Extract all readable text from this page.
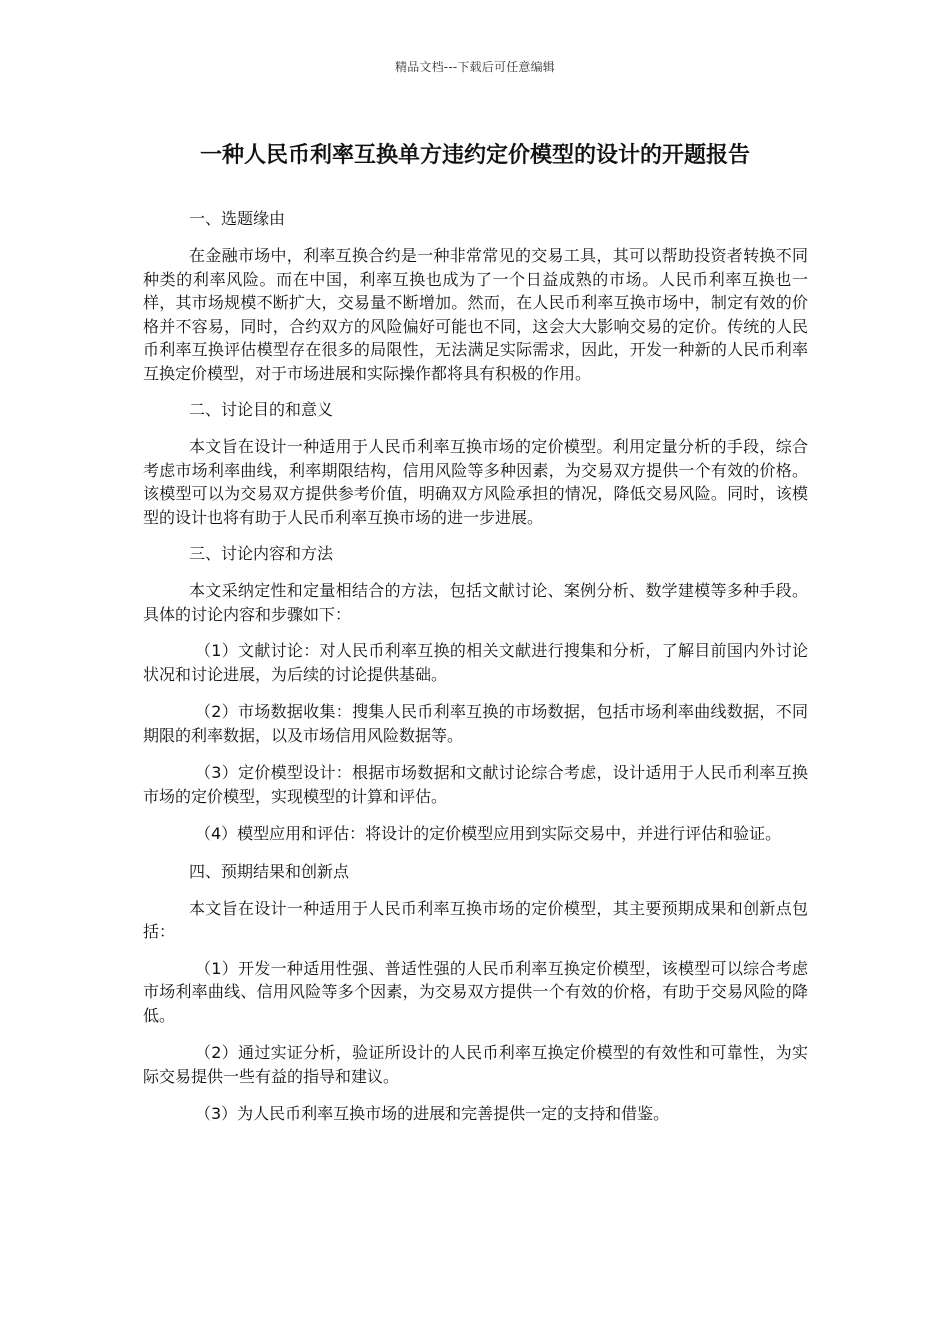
精品文档---下载后可任意编辑
一种人民币利率互换单方违约定价模型的设计的开题报告
一、选题缘由
在金融市场中，利率互换合约是一种非常常见的交易工具，其可以帮助投资者转换不同种类的利率风险。而在中国，利率互换也成为了一个日益成熟的市场。人民币利率互换也一样，其市场规模不断扩大，交易量不断增加。然而，在人民币利率互换市场中，制定有效的价格并不容易，同时，合约双方的风险偏好可能也不同，这会大大影响交易的定价。传统的人民币利率互换评估模型存在很多的局限性，无法满足实际需求，因此，开发一种新的人民币利率互换定价模型，对于市场进展和实际操作都将具有积极的作用。
二、讨论目的和意义
本文旨在设计一种适用于人民币利率互换市场的定价模型。利用定量分析的手段，综合考虑市场利率曲线，利率期限结构，信用风险等多种因素，为交易双方提供一个有效的价格。该模型可以为交易双方提供参考价值，明确双方风险承担的情况，降低交易风险。同时，该模型的设计也将有助于人民币利率互换市场的进一步进展。
三、讨论内容和方法
本文采纳定性和定量相结合的方法，包括文献讨论、案例分析、数学建模等多种手段。具体的讨论内容和步骤如下：
（1）文献讨论：对人民币利率互换的相关文献进行搜集和分析，了解目前国内外讨论状况和讨论进展，为后续的讨论提供基础。
（2）市场数据收集：搜集人民币利率互换的市场数据，包括市场利率曲线数据，不同期限的利率数据，以及市场信用风险数据等。
（3）定价模型设计：根据市场数据和文献讨论综合考虑，设计适用于人民币利率互换市场的定价模型，实现模型的计算和评估。
（4）模型应用和评估：将设计的定价模型应用到实际交易中，并进行评估和验证。
四、预期结果和创新点
本文旨在设计一种适用于人民币利率互换市场的定价模型，其主要预期成果和创新点包括：
（1）开发一种适用性强、普适性强的人民币利率互换定价模型，该模型可以综合考虑市场利率曲线、信用风险等多个因素，为交易双方提供一个有效的价格，有助于交易风险的降低。
（2）通过实证分析，验证所设计的人民币利率互换定价模型的有效性和可靠性，为实际交易提供一些有益的指导和建议。
（3）为人民币利率互换市场的进展和完善提供一定的支持和借鉴。
